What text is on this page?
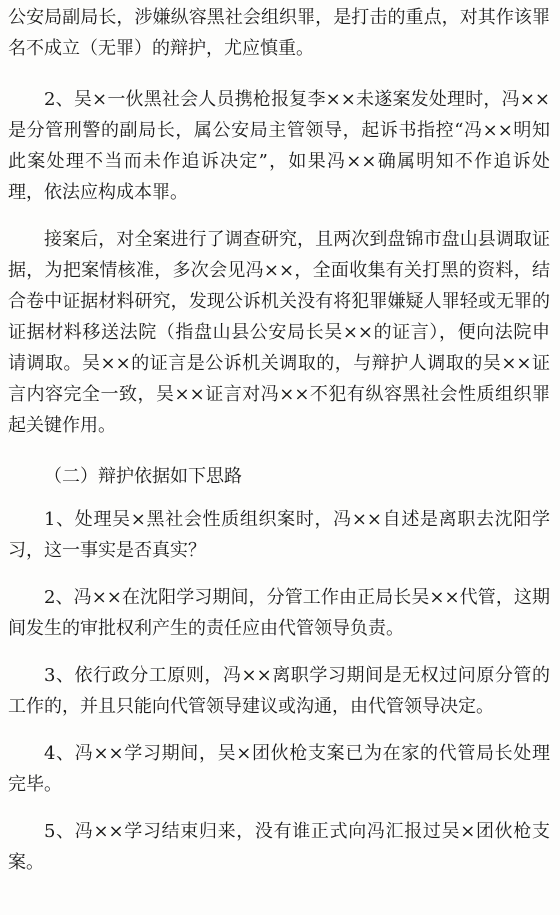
公安局副局长，涉嫌纵容黑社会组织罪，是打击的重点，对其作该罪名不成立（无罪）的辩护，尤应慎重。

2、吴×一伙黑社会人员携枪报复李××未遂案发处理时，冯××是分管刑警的副局长，属公安局主管领导，起诉书指控“冯××明知此案处理不当而未作追诉决定”，如果冯××确属明知不作追诉处理，依法应构成本罪。

接案后，对全案进行了调查研究，且两次到盘锦市盘山县调取证据，为把案情核准，多次会见冯××，全面收集有关打黑的资料，结合卷中证据材料研究，发现公诉机关没有将犯罪嫌疑人罪轻或无罪的证据材料移送法院（指盘山县公安局长吴××的证言），便向法院申请调取。吴××的证言是公诉机关调取的，与辩护人调取的吴××证言内容完全一致，吴××证言对冯××不犯有纵容黑社会性质组织罪起关键作用。

（二）辩护依据如下思路

1、处理吴×黑社会性质组织案时，冯××自述是离职去沈阳学习，这一事实是否真实？

2、冯××在沈阳学习期间，分管工作由正局长吴××代管，这期间发生的审批权利产生的责任应由代管领导负责。

3、依行政分工原则，冯××离职学习期间是无权过问原分管的工作的，并且只能向代管领导建议或沟通，由代管领导决定。

4、冯××学习期间，吴×团伙枪支案已为在家的代管局长处理完毕。

5、冯××学习结束归来，没有谁正式向冯汇报过吴×团伙枪支案。
